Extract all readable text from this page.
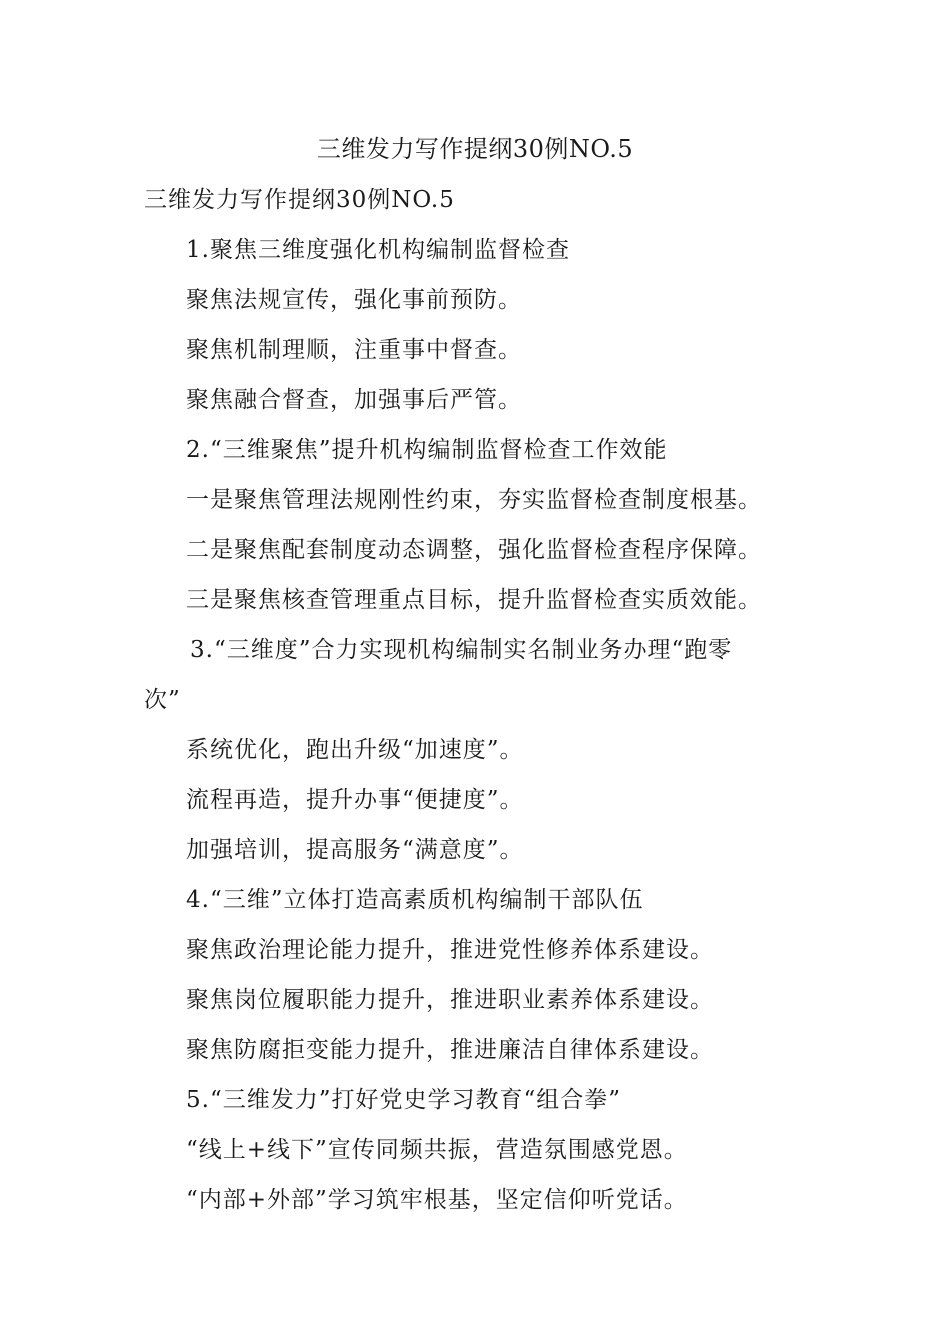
三维发力写作提纲30例NO.5
三维发力写作提纲30例NO.5
1.聚焦三维度强化机构编制监督检查
聚焦法规宣传，强化事前预防。
聚焦机制理顺，注重事中督查。
聚焦融合督查，加强事后严管。
2.“三维聚焦”提升机构编制监督检查工作效能
一是聚焦管理法规刚性约束，夯实监督检查制度根基。
二是聚焦配套制度动态调整，强化监督检查程序保障。
三是聚焦核查管理重点目标，提升监督检查实质效能。
3.“三维度”合力实现机构编制实名制业务办理“跑零
次”
系统优化，跑出升级“加速度”。
流程再造，提升办事“便捷度”。
加强培训，提高服务“满意度”。
4.“三维”立体打造高素质机构编制干部队伍
聚焦政治理论能力提升，推进党性修养体系建设。
聚焦岗位履职能力提升，推进职业素养体系建设。
聚焦防腐拒变能力提升，推进廉洁自律体系建设。
5.“三维发力”打好党史学习教育“组合拳”
“线上+线下”宣传同频共振，营造氛围感党恩。
“内部+外部”学习筑牢根基，坚定信仰听党话。
